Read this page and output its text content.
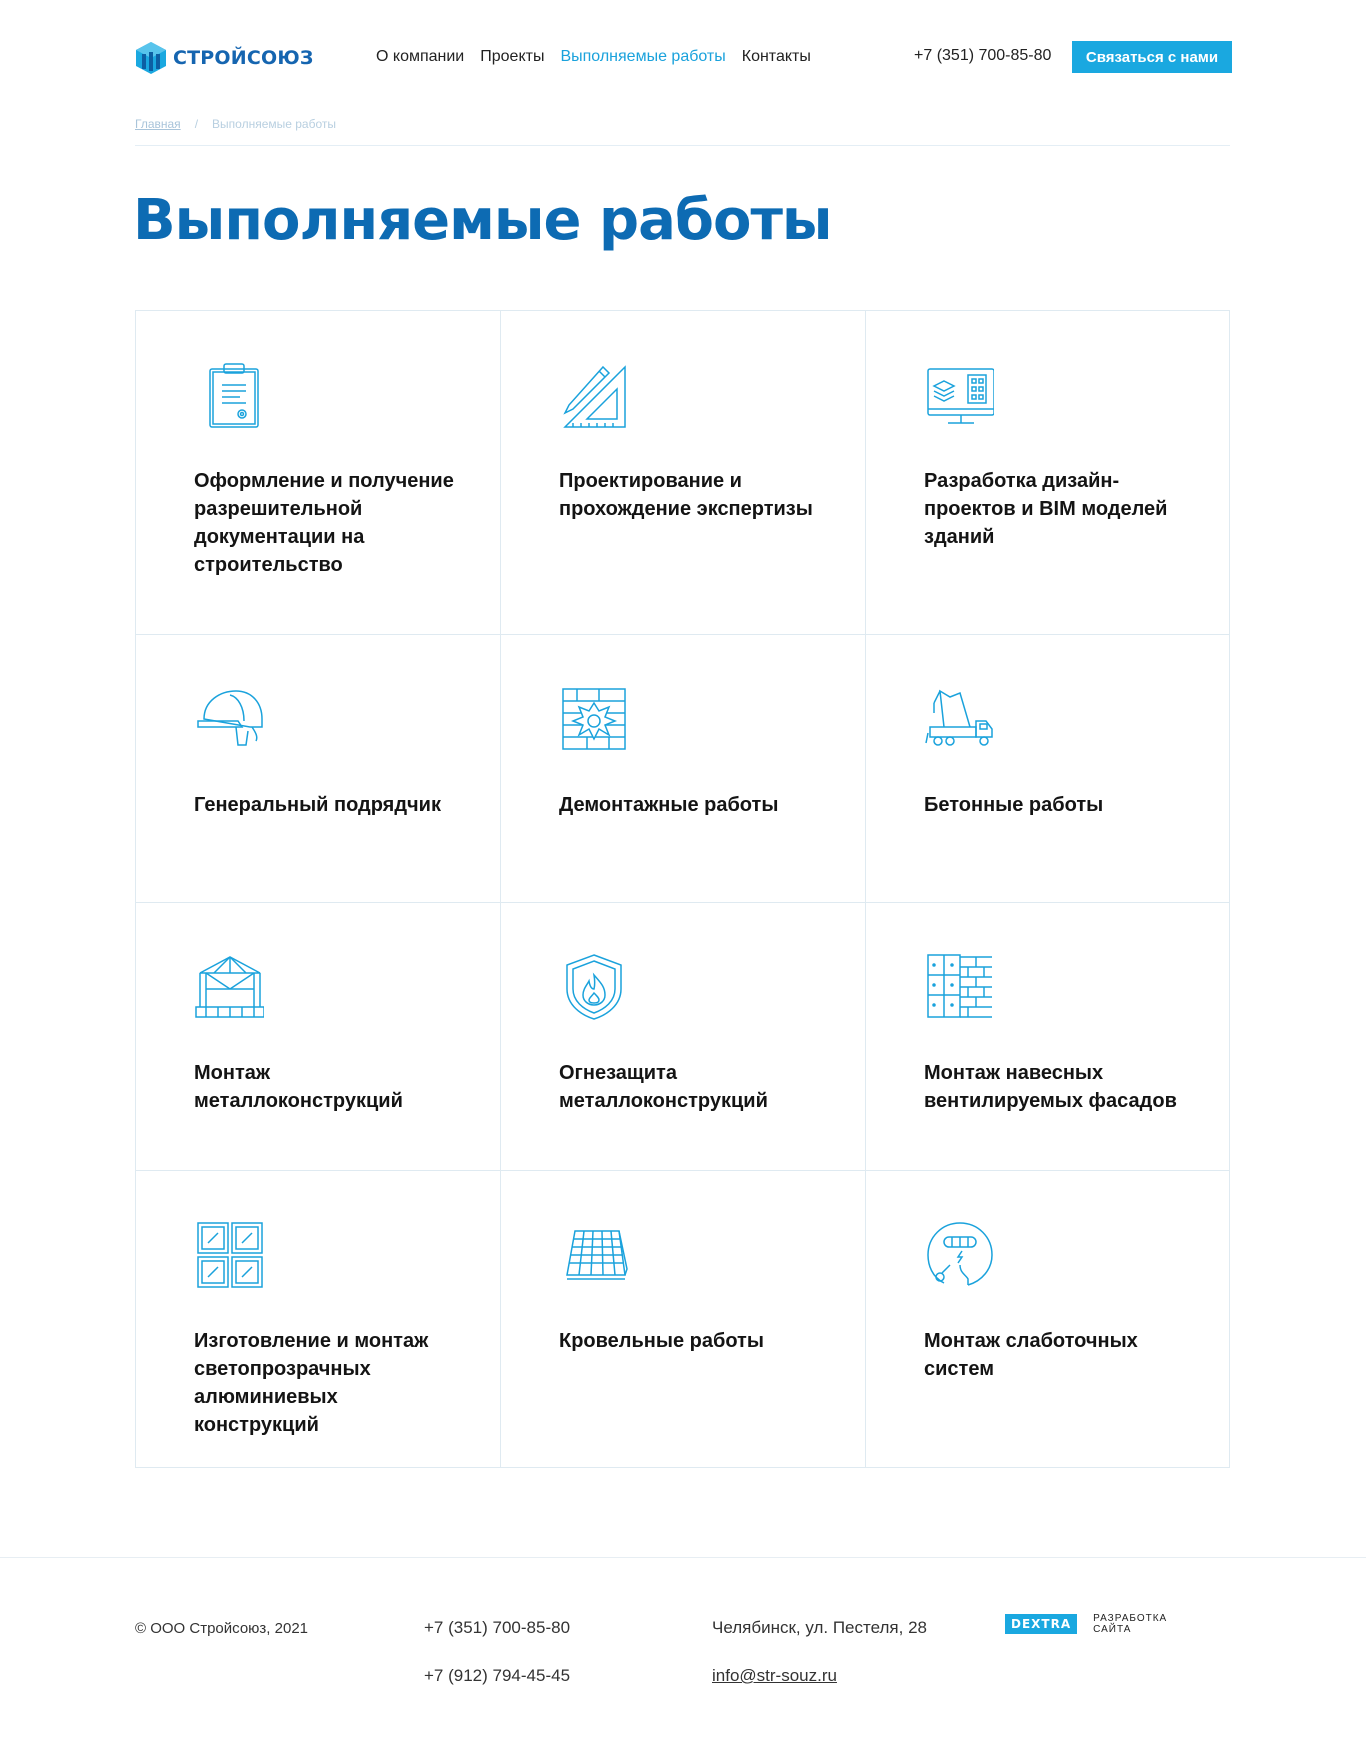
СТРОЙСОЮЗ	О компании Проекты Выполняемые работы Контакты	+7 (351) 700-85-80	Связаться с нами
Главная / Выполняемые работы
Выполняемые работы
Оформление и получение разрешительной документации на строительство
Проектирование и прохождение экспертизы
Разработка дизайн-проектов и BIM моделей зданий
Генеральный подрядчик	Демонтажные работы	Бетонные работы
Монтаж металлоконструкций
Огнезащита металлоконструкций
Монтаж навесных вентилируемых фасадов
Изготовление и монтаж светопрозрачных алюминиевых конструкций
Кровельные работы	Монтаж слаботочных систем
© ООО Стройсоюз, 2021	+7 (351) 700-85-80
+7 (912) 794-45-45
Челябинск, ул. Пестеля, 28
info@str-souz.ru
DEXTRA	РАЗРАБОТКА САЙТА
